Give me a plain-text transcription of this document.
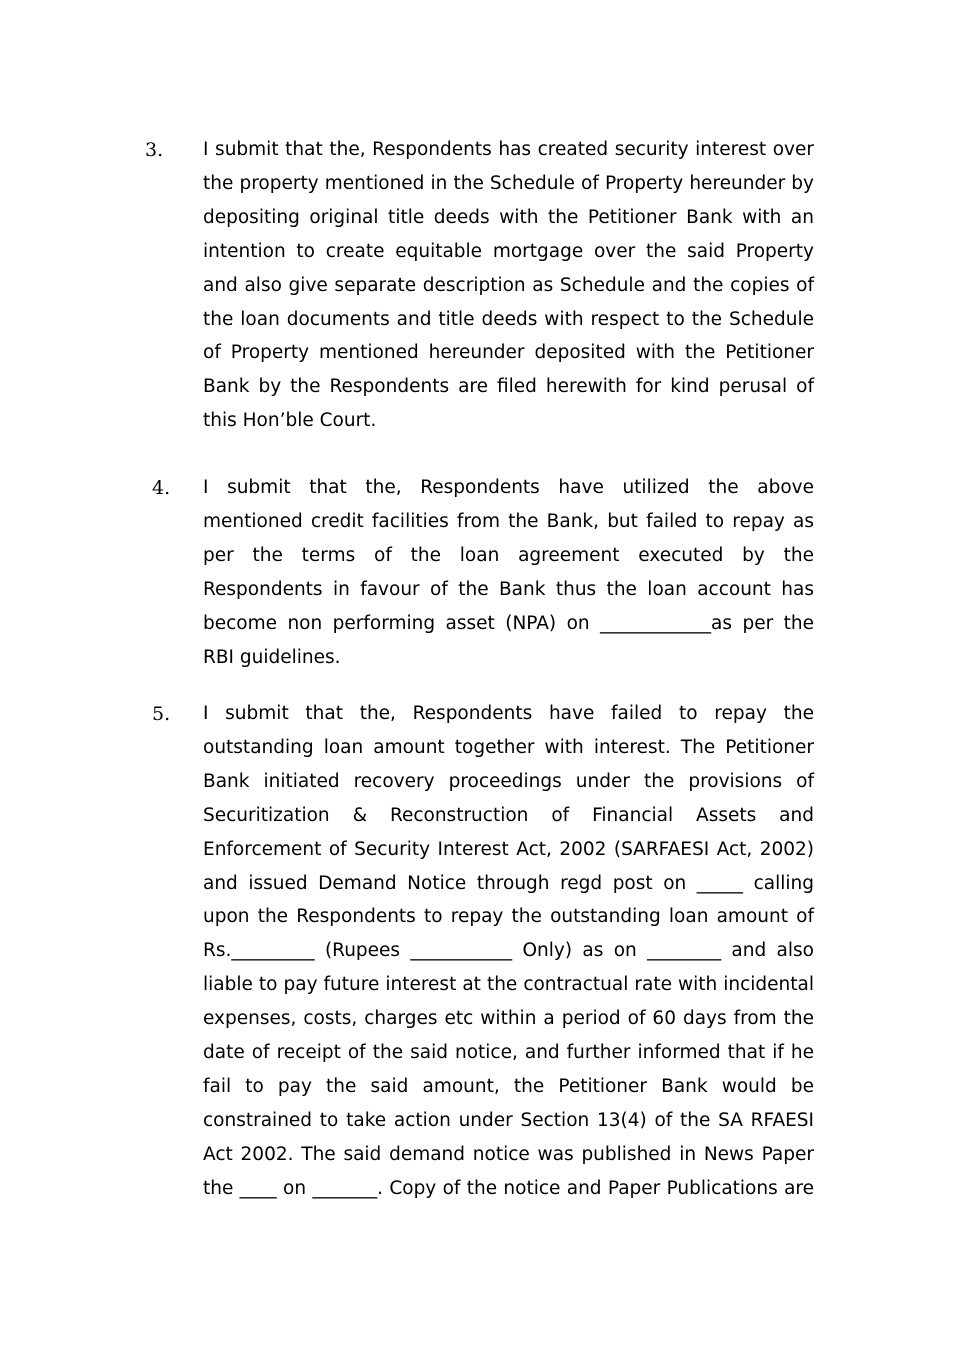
3. I submit that the, Respondents has created security interest over the property mentioned in the Schedule of Property hereunder by depositing original title deeds with the Petitioner Bank with an intention to create equitable mortgage over the said Property and also give separate description as Schedule and the copies of the loan documents and title deeds with respect to the Schedule of Property mentioned hereunder deposited with the Petitioner Bank by the Respondents are filed herewith for kind perusal of this Hon’ble Court.

4. I submit that the, Respondents have utilized the above mentioned credit facilities from the Bank, but failed to repay as per the terms of the loan agreement executed by the Respondents in favour of the Bank thus the loan account has become non performing asset (NPA) on ____________as per the RBI guidelines.

5. I submit that the, Respondents have failed to repay the outstanding loan amount together with interest. The Petitioner Bank initiated recovery proceedings under the provisions of Securitization & Reconstruction of Financial Assets and Enforcement of Security Interest Act, 2002 (SARFAESI Act, 2002) and issued Demand Notice through regd post on _____ calling upon the Respondents to repay the outstanding loan amount of Rs._________ (Rupees ___________ Only) as on ________ and also liable to pay future interest at the contractual rate with incidental expenses, costs, charges etc within a period of 60 days from the date of receipt of the said notice, and further informed that if he fail to pay the said amount, the Petitioner Bank would be constrained to take action under Section 13(4) of the SA RFAESI Act 2002. The said demand notice was published in News Paper the ____ on _______. Copy of the notice and Paper Publications are
